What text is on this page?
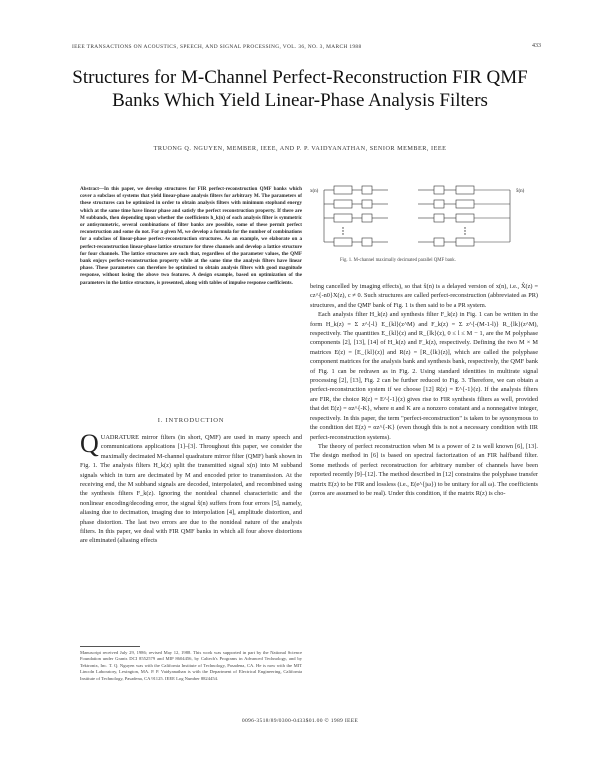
IEEE TRANSACTIONS ON ACOUSTICS, SPEECH, AND SIGNAL PROCESSING, VOL. 36, NO. 3, MARCH 1988	433
Structures for M-Channel Perfect-Reconstruction FIR QMF Banks Which Yield Linear-Phase Analysis Filters
TRUONG Q. NGUYEN, MEMBER, IEEE, AND P. P. VAIDYANATHAN, SENIOR MEMBER, IEEE
Abstract—In this paper, we develop structures for FIR perfect-reconstruction QMF banks which cover a subclass of systems that yield linear-phase analysis filters for arbitrary M. The parameters of these structures can be optimized in order to obtain analysis filters with minimum stopband energy which at the same time have linear phase and satisfy the perfect reconstruction property. If there are M subbands, then depending upon whether the coefficients h_k(n) of each analysis filter is symmetric or antisymmetric, several combinations of filter banks are possible, some of these permit perfect reconstruction and some do not. For a given M, we develop a formula for the number of combinations for a subclass of linear-phase perfect-reconstruction structures. As an example, we elaborate on a perfect-reconstruction linear-phase lattice structure for three channels and develop a lattice structure for four channels. The lattice structures are such that, regardless of the parameter values, the QMF bank enjoys perfect-reconstruction property while at the same time the analysis filters have linear phase. These parameters can therefore be optimized to obtain analysis filters with good magnitude response, without losing the above two features. A design example, based on optimization of the parameters in the lattice structure, is presented, along with tables of impulse response coefficients.
I. INTRODUCTION
QUADRATURE mirror filters (in short, QMF) are used in many speech and communications applications [1]–[3]. Throughout this paper, we consider the maximally decimated M-channel quadrature mirror filter (QMF) bank shown in Fig. 1. The analysis filters H_k(z) split the transmitted signal x(n) into M subband signals which in turn are decimated by M and encoded prior to transmission. At the receiving end, the M subband signals are decoded, interpolated, and recombined using the synthesis filters F_k(z). Ignoring the nonideal channel characteristic and the nonlinear encoding/decoding error, the signal x̂(n) suffers from four errors [5], namely, aliasing due to decimation, imaging due to interpolation [4], amplitude distortion, and phase distortion. The last two errors are due to the nonideal nature of the analysis filters. In this paper, we deal with FIR QMF banks in which all four above distortions are eliminated (aliasing effects
Manuscript received July 29, 1986; revised May 12, 1988. This work was supported in part by the National Science Foundation under Grants DCI 8552579 and MIP 8604456, by Caltech's Programs in Advanced Technology, and by Tektronix, Inc. T. Q. Nguyen was with the California Institute of Technology, Pasadena, CA. He is now with the MIT Lincoln Laboratory, Lexington, MA. P. P. Vaidyanathan is with the Department of Electrical Engineering, California Institute of Technology, Pasadena, CA 91125. IEEE Log Number 8824454.
x(n)	x̂(n)
Fig. 1. M-channel maximally decimated parallel QMF bank.

being cancelled by imaging effects), so that x̂(n) is a delayed version of x(n), i.e., X̂(z) = cz^{-n0}X(z), c ≠ 0. Such structures are called perfect-reconstruction (abbreviated as PR) structures, and the QMF bank of Fig. 1 is then said to be a PR system.

Each analysis filter H_k(z) and synthesis filter F_k(z) in Fig. 1 can be written in the form H_k(z) = Σ z^{-l} E_{kl}(z^M) and F_k(z) = Σ z^{-(M-1-l)} R_{lk}(z^M), respectively. The quantities E_{kl}(z) and R_{lk}(z), 0 ≤ l ≤ M − 1, are the M polyphase components [2], [13], [14] of H_k(z) and F_k(z), respectively. Defining the two M × M matrices E(z) = [E_{kl}(z)] and R(z) = [R_{lk}(z)], which are called the polyphase component matrices for the analysis bank and synthesis bank, respectively, the QMF bank of Fig. 1 can be redrawn as in Fig. 2. Using standard identities in multirate signal processing [2], [13], Fig. 2 can be further reduced to Fig. 3. Therefore, we can obtain a perfect-reconstruction system if we choose [12] R(z) = E^{-1}(z). If the analysis filters are FIR, the choice R(z) = E^{-1}(z) gives rise to FIR synthesis filters as well, provided that det E(z) = αz^{-K}, where α and K are a nonzero constant and a nonnegative integer, respectively. In this paper, the term "perfect-reconstruction" is taken to be synonymous to the condition det E(z) = αz^{-K} (even though this is not a necessary condition with IIR perfect-reconstruction systems).

The theory of perfect reconstruction when M is a power of 2 is well known [6], [13]. The design method in [6] is based on spectral factorization of an FIR halfband filter. Some methods of perfect reconstruction for arbitrary number of channels have been reported recently [9]–[12]. The method described in [12] constrains the polyphase transfer matrix E(z) to be FIR and lossless (i.e., E(e^{jω}) to be unitary for all ω). The coefficients (zeros are assumed to be real). Under this condition, if the matrix R(z) is cho-

0096-3518/89/0300-0433$01.00 © 1989 IEEE
